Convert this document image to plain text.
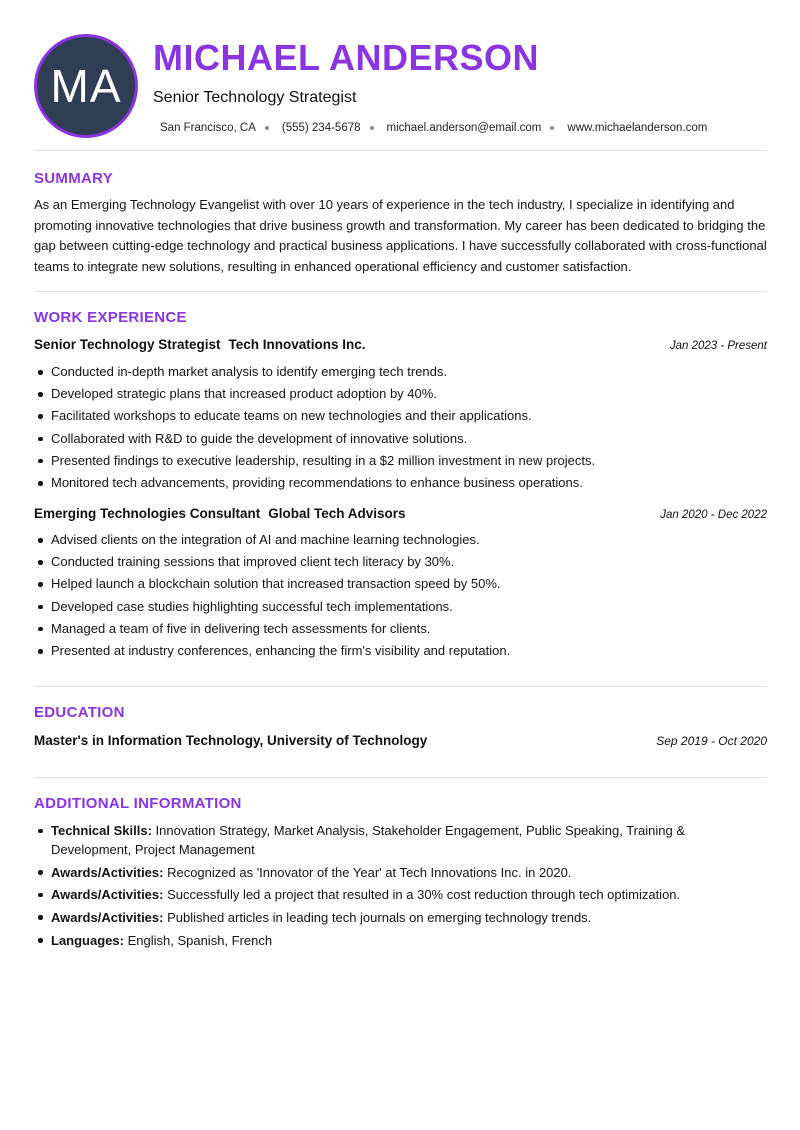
MA
MICHAEL ANDERSON
Senior Technology Strategist
San Francisco, CA (555) 234-5678 michael.anderson@email.com www.michaelanderson.com
SUMMARY

As an Emerging Technology Evangelist with over 10 years of experience in the tech industry, I specialize in identifying and promoting innovative technologies that drive business growth and transformation. My career has been dedicated to bridging the gap between cutting-edge technology and practical business applications. I have successfully collaborated with cross-functional teams to integrate new solutions, resulting in enhanced operational efficiency and customer satisfaction.

WORK EXPERIENCE
Senior Technology Strategist Tech Innovations Inc.	Jan 2023 - Present
Conducted in-depth market analysis to identify emerging tech trends.
Developed strategic plans that increased product adoption by 40%.
Facilitated workshops to educate teams on new technologies and their applications.
Collaborated with R&D to guide the development of innovative solutions.
Presented findings to executive leadership, resulting in a $2 million investment in new projects.
Monitored tech advancements, providing recommendations to enhance business operations.
Emerging Technologies Consultant Global Tech Advisors	Jan 2020 - Dec 2022
Advised clients on the integration of AI and machine learning technologies.
Conducted training sessions that improved client tech literacy by 30%.
Helped launch a blockchain solution that increased transaction speed by 50%.
Developed case studies highlighting successful tech implementations.
Managed a team of five in delivering tech assessments for clients.
Presented at industry conferences, enhancing the firm's visibility and reputation.
EDUCATION
Master's in Information Technology, University of Technology	Sep 2019 - Oct 2020
ADDITIONAL INFORMATION
Technical Skills: Innovation Strategy, Market Analysis, Stakeholder Engagement, Public Speaking, Training & Development, Project Management
Awards/Activities: Recognized as 'Innovator of the Year' at Tech Innovations Inc. in 2020.
Awards/Activities: Successfully led a project that resulted in a 30% cost reduction through tech optimization.
Awards/Activities: Published articles in leading tech journals on emerging technology trends.
Languages: English, Spanish, French
